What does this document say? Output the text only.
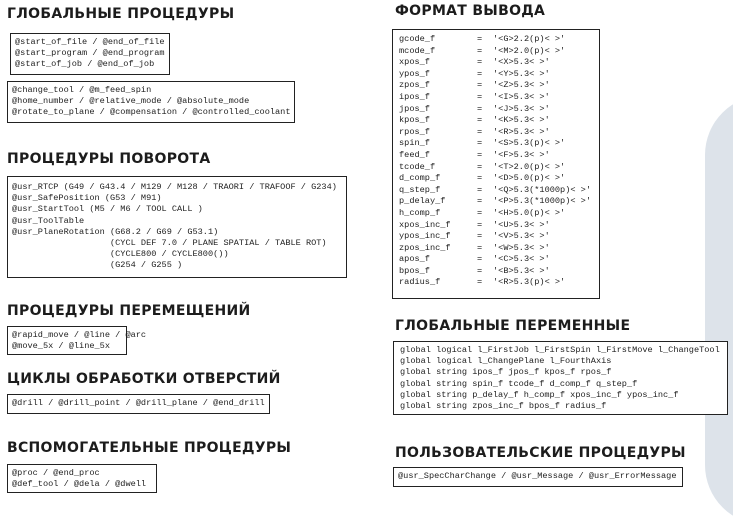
ГЛОБАЛЬНЫЕ ПРОЦЕДУРЫ
@start_of_file / @end_of_file
@start_program / @end_program
@start_of_job / @end_of_job
@change_tool / @m_feed_spin
@home_number / @relative_mode / @absolute_mode
@rotate_to_plane / @compensation / @controlled_coolant
ПРОЦЕДУРЫ ПОВОРОТА
@usr_RTCP (G49 / G43.4 / M129 / M128 / TRAORI / TRAFOOF / G234)
@usr_SafePosition (G53 / M91)
@usr_StartTool (M5 / M6 / TOOL CALL )
@usr_ToolTable
@usr_PlaneRotation (G68.2 / G69 / G53.1)
(CYCL DEF 7.0 / PLANE SPATIAL / TABLE ROT)
(CYCLE800 / CYCLE800())
(G254 / G255 )
ПРОЦЕДУРЫ ПЕРЕМЕЩЕНИЙ
@rapid_move / @line / @arc
@move_5x / @line_5x
ЦИКЛЫ ОБРАБОТКИ ОТВЕРСТИЙ
@drill / @drill_point / @drill_plane / @end_drill
ВСПОМОГАТЕЛЬНЫЕ ПРОЦЕДУРЫ
@proc / @end_proc
@def_tool / @dela / @dwell
ФОРМАТ ВЫВОДА
gcode_f	=	'<G>2.2(p)< >'
mcode_f	=	'<M>2.0(p)< >'
xpos_f	=	'<X>5.3< >'
ypos_f	=	'<Y>5.3< >'
zpos_f	=	'<Z>5.3< >'
ipos_f	=	'<I>5.3< >'
jpos_f	=	'<J>5.3< >'
kpos_f	=	'<K>5.3< >'
rpos_f	=	'<R>5.3< >'
spin_f	=	'<S>5.3(p)< >'
feed_f	=	'<F>5.3< >'
tcode_f	=	'<T>2.0(p)< >'
d_comp_f	=	'<D>5.0(p)< >'
q_step_f	=	'<Q>5.3(*1000p)< >'
p_delay_f	=	'<P>5.3(*1000p)< >'
h_comp_f	=	'<H>5.0(p)< >'
xpos_inc_f	=	'<U>5.3< >'
ypos_inc_f	=	'<V>5.3< >'
zpos_inc_f	=	'<W>5.3< >'
apos_f	=	'<C>5.3< >'
bpos_f	=	'<B>5.3< >'
radius_f	=	'<R>5.3(p)< >'
ГЛОБАЛЬНЫЕ ПЕРЕМЕННЫЕ
global logical l_FirstJob l_FirstSpin l_FirstMove l_ChangeTool
global logical l_ChangePlane l_FourthAxis
global string ipos_f jpos_f kpos_f rpos_f
global string spin_f tcode_f d_comp_f q_step_f
global string p_delay_f h_comp_f xpos_inc_f ypos_inc_f
global string zpos_inc_f bpos_f radius_f
ПОЛЬЗОВАТЕЛЬСКИЕ ПРОЦЕДУРЫ
@usr_SpecCharChange / @usr_Message / @usr_ErrorMessage
